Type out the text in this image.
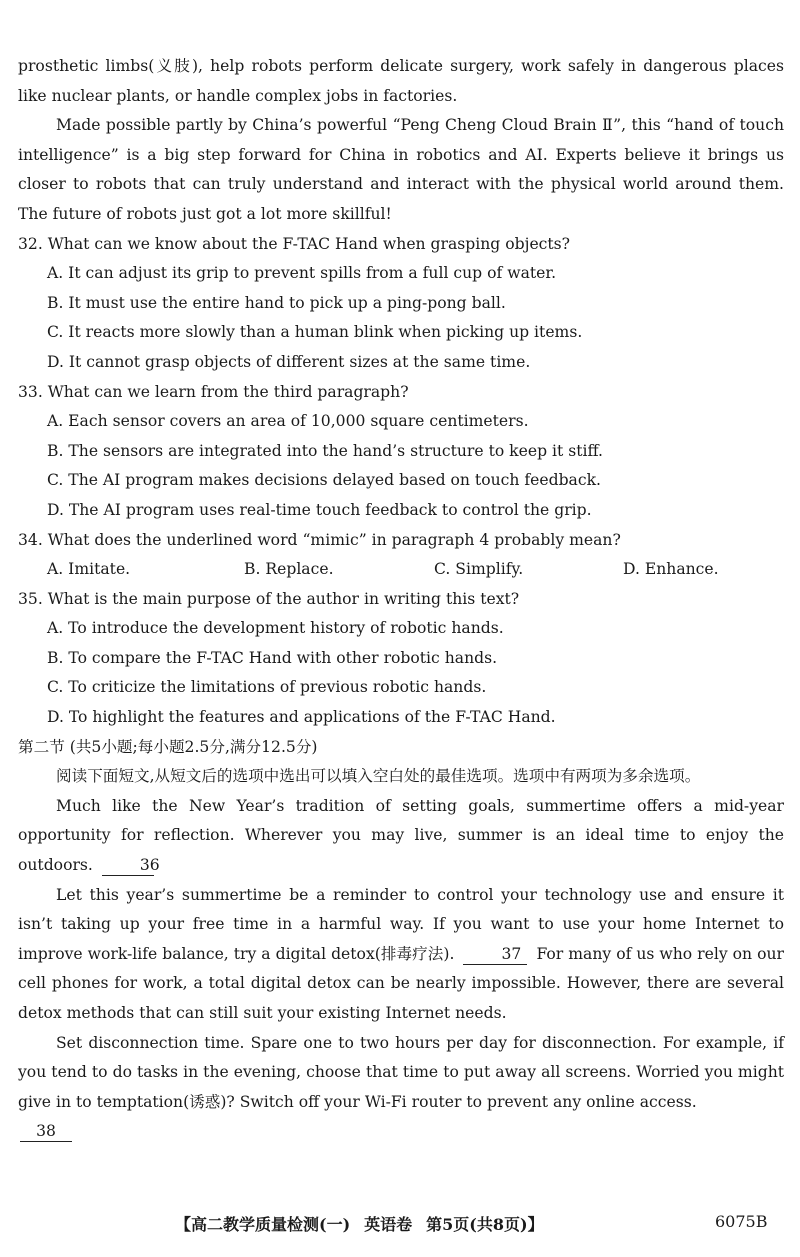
prosthetic limbs(义肢), help robots perform delicate surgery, work safely in dangerous places like nuclear plants, or handle complex jobs in factories.

Made possible partly by China’s powerful “Peng Cheng Cloud Brain Ⅱ”, this “hand of touch intelligence” is a big step forward for China in robotics and AI. Experts believe it brings us closer to robots that can truly understand and interact with the physical world around them. The future of robots just got a lot more skillful!

32. What can we know about the F-TAC Hand when grasping objects?

A. It can adjust its grip to prevent spills from a full cup of water.

B. It must use the entire hand to pick up a ping-pong ball.

C. It reacts more slowly than a human blink when picking up items.

D. It cannot grasp objects of different sizes at the same time.

33. What can we learn from the third paragraph?

A. Each sensor covers an area of 10,000 square centimeters.

B. The sensors are integrated into the hand’s structure to keep it stiff.

C. The AI program makes decisions delayed based on touch feedback.

D. The AI program uses real-time touch feedback to control the grip.

34. What does the underlined word “mimic” in paragraph 4 probably mean?

A. Imitate.	B. Replace.	C. Simplify.	D. Enhance.

35. What is the main purpose of the author in writing this text?

A. To introduce the development history of robotic hands.

B. To compare the F-TAC Hand with other robotic hands.

C. To criticize the limitations of previous robotic hands.

D. To highlight the features and applications of the F-TAC Hand.

第二节 (共5小题;每小题2.5分,满分12.5分)

阅读下面短文,从短文后的选项中选出可以填入空白处的最佳选项。选项中有两项为多余选项。

Much like the New Year’s tradition of setting goals, summertime offers a mid-year opportunity for reflection. Wherever you may live, summer is an ideal time to enjoy the outdoors.	36

Let this year’s summertime be a reminder to control your technology use and ensure it isn’t taking up your free time in a harmful way. If you want to use your home Internet to improve work-life balance, try a digital detox(排毒疗法).	37 For many of us who rely on our cell phones for work, a total digital detox can be nearly impossible. However, there are several detox methods that can still suit your existing Internet needs.

Set disconnection time. Spare one to two hours per day for disconnection. For example, if you tend to do tasks in the evening, choose that time to put away all screens. Worried you might give in to temptation(诱惑)? Switch off your Wi-Fi router to prevent any online access.

38

【高二教学质量检测(一) 英语卷 第5页(共8页)】	6075B
